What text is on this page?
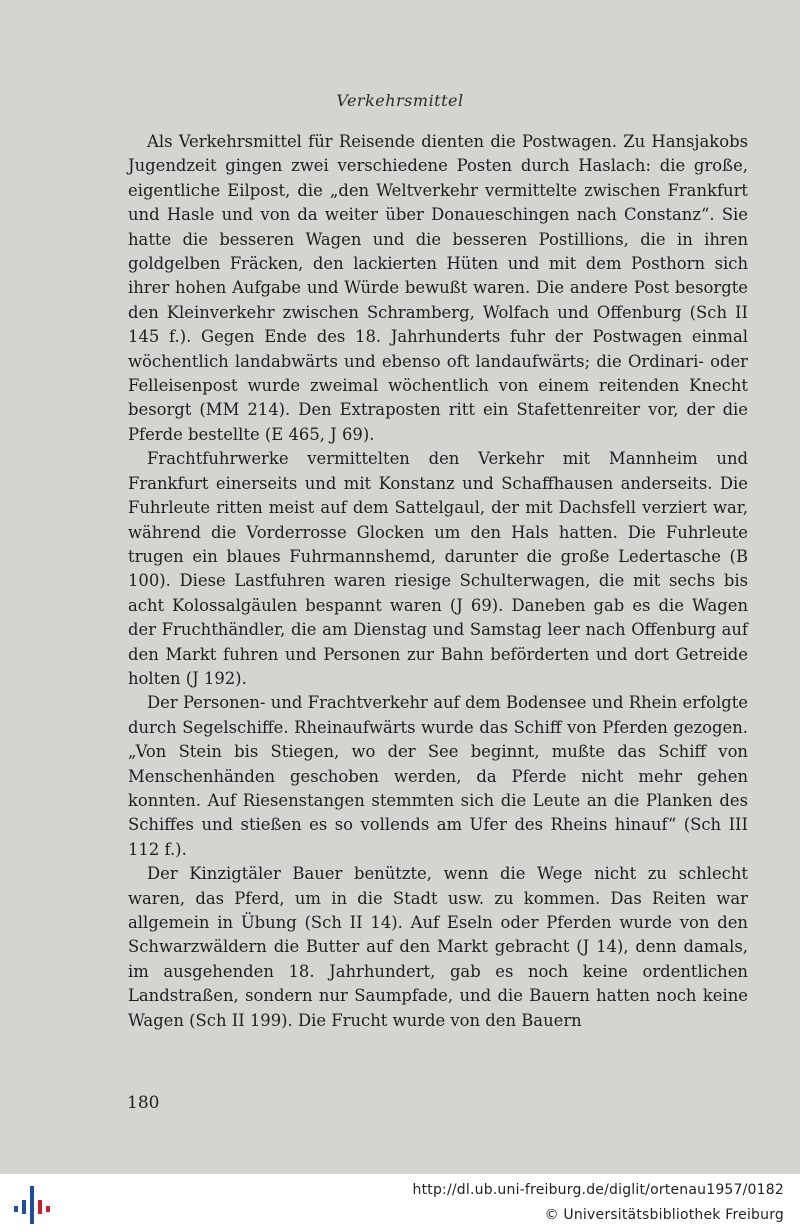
Verkehrsmittel

Als Verkehrsmittel für Reisende dienten die Postwagen. Zu Hansjakobs Jugendzeit gingen zwei verschiedene Posten durch Haslach: die große, eigentliche Eilpost, die „den Weltverkehr vermittelte zwischen Frankfurt und Hasle und von da weiter über Donaueschingen nach Constanz“. Sie hatte die besseren Wagen und die besseren Postillions, die in ihren goldgelben Fräcken, den lackierten Hüten und mit dem Posthorn sich ihrer hohen Aufgabe und Würde bewußt waren. Die andere Post besorgte den Kleinverkehr zwischen Schramberg, Wolfach und Offenburg (Sch II 145 f.). Gegen Ende des 18. Jahrhunderts fuhr der Postwagen einmal wöchentlich landabwärts und ebenso oft landaufwärts; die Ordinari- oder Felleisenpost wurde zweimal wöchentlich von einem reitenden Knecht besorgt (MM 214). Den Extraposten ritt ein Stafettenreiter vor, der die Pferde bestellte (E 465, J 69).

Frachtfuhrwerke vermittelten den Verkehr mit Mannheim und Frankfurt einerseits und mit Konstanz und Schaffhausen anderseits. Die Fuhrleute ritten meist auf dem Sattelgaul, der mit Dachsfell verziert war, während die Vorderrosse Glocken um den Hals hatten. Die Fuhrleute trugen ein blaues Fuhrmannshemd, darunter die große Ledertasche (B 100). Diese Lastfuhren waren riesige Schulterwagen, die mit sechs bis acht Kolossalgäulen bespannt waren (J 69). Daneben gab es die Wagen der Fruchthändler, die am Dienstag und Samstag leer nach Offenburg auf den Markt fuhren und Personen zur Bahn beförderten und dort Getreide holten (J 192).

Der Personen- und Frachtverkehr auf dem Bodensee und Rhein erfolgte durch Segelschiffe. Rheinaufwärts wurde das Schiff von Pferden gezogen. „Von Stein bis Stiegen, wo der See beginnt, mußte das Schiff von Menschenhänden geschoben werden, da Pferde nicht mehr gehen konnten. Auf Riesenstangen stemmten sich die Leute an die Planken des Schiffes und stießen es so vollends am Ufer des Rheins hinauf“ (Sch III 112 f.).

Der Kinzigtäler Bauer benützte, wenn die Wege nicht zu schlecht waren, das Pferd, um in die Stadt usw. zu kommen. Das Reiten war allgemein in Übung (Sch II 14). Auf Eseln oder Pferden wurde von den Schwarzwäldern die Butter auf den Markt gebracht (J 14), denn damals, im ausgehenden 18. Jahrhundert, gab es noch keine ordentlichen Landstraßen, sondern nur Saumpfade, und die Bauern hatten noch keine Wagen (Sch II 199). Die Frucht wurde von den Bauern

180
http://dl.ub.uni-freiburg.de/diglit/ortenau1957/0182
© Universitätsbibliothek Freiburg
